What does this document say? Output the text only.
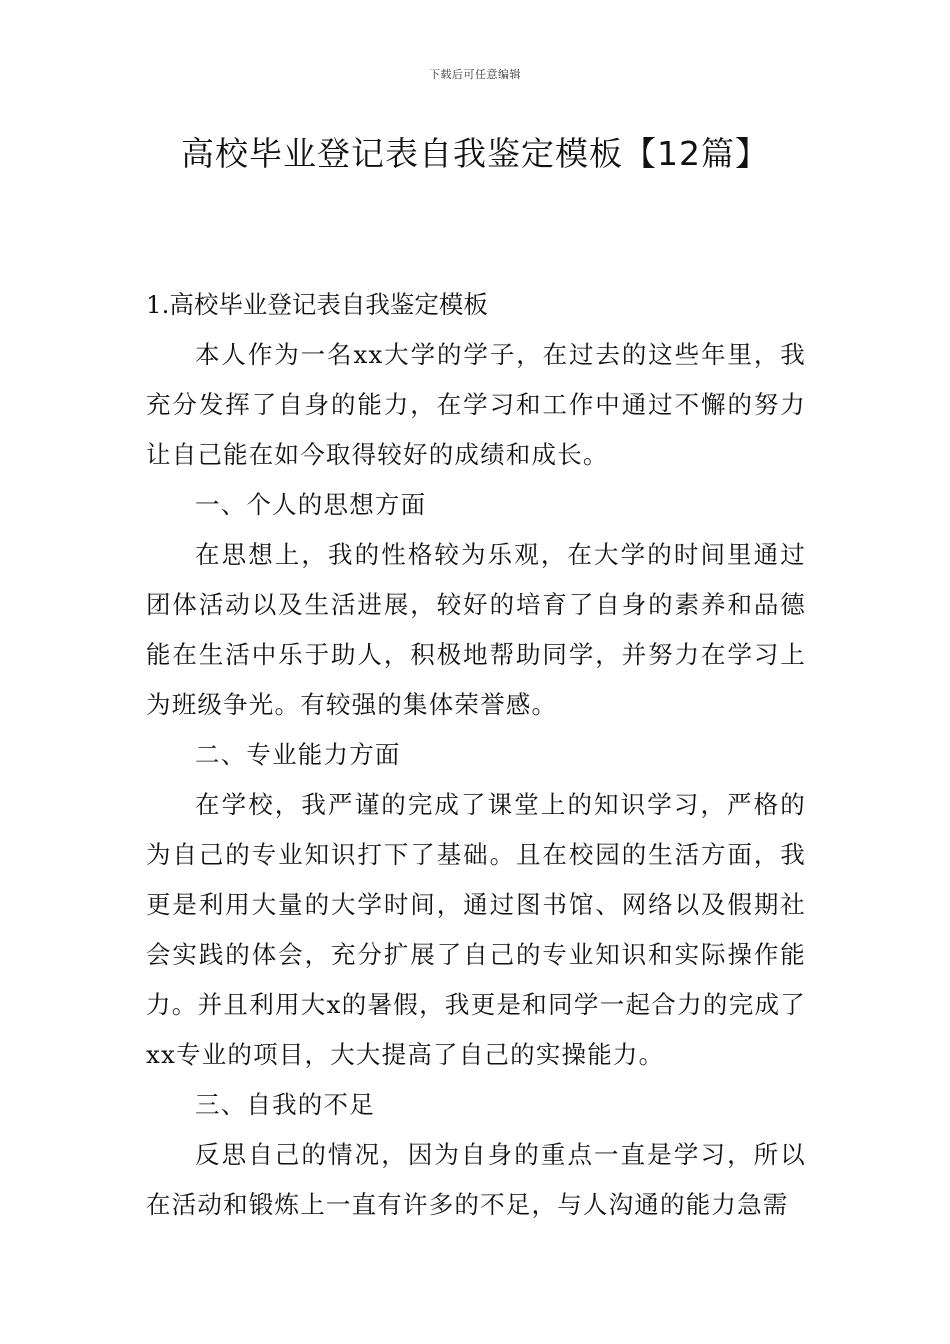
下载后可任意编辑
高校毕业登记表自我鉴定模板【12篇】

1.高校毕业登记表自我鉴定模板

本人作为一名xx大学的学子，在过去的这些年里，我充分发挥了自身的能力，在学习和工作中通过不懈的努力让自己能在如今取得较好的成绩和成长。

一、个人的思想方面

在思想上，我的性格较为乐观，在大学的时间里通过团体活动以及生活进展，较好的培育了自身的素养和品德能在生活中乐于助人，积极地帮助同学，并努力在学习上为班级争光。有较强的集体荣誉感。

二、专业能力方面

在学校，我严谨的完成了课堂上的知识学习，严格的为自己的专业知识打下了基础。且在校园的生活方面，我更是利用大量的大学时间，通过图书馆、网络以及假期社会实践的体会，充分扩展了自己的专业知识和实际操作能力。并且利用大x的暑假，我更是和同学一起合力的完成了xx专业的项目，大大提高了自己的实操能力。

三、自我的不足

反思自己的情况，因为自身的重点一直是学习，所以在活动和锻炼上一直有许多的不足，与人沟通的能力急需
